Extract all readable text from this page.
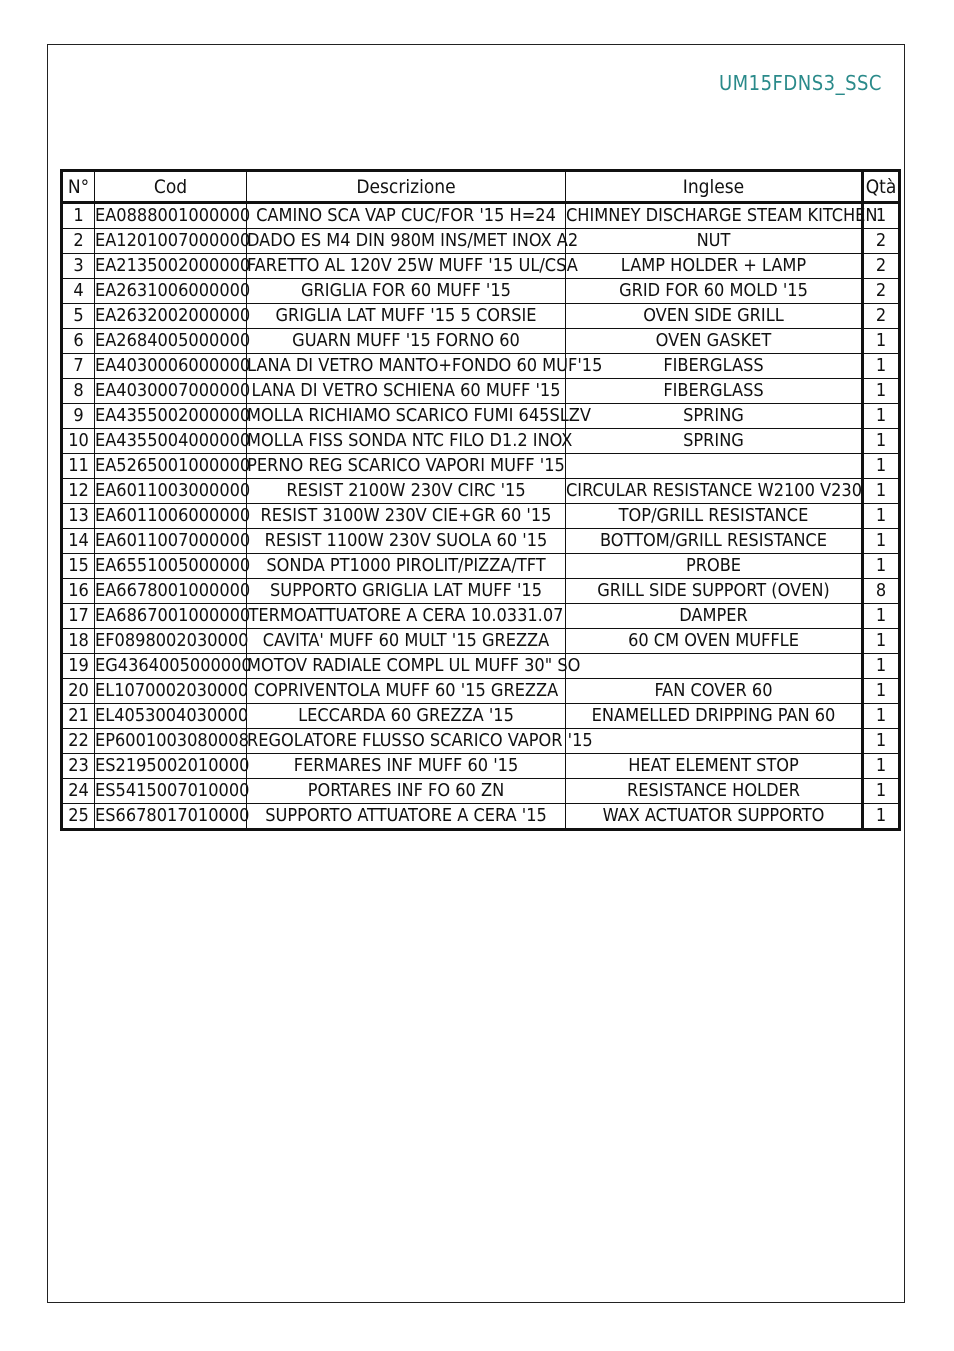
UM15FDNS3_SSC
N°	Cod	Descrizione	Inglese	Qtà
1	EA0888001000000	CAMINO SCA VAP CUC/FOR '15 H=24	CHIMNEY DISCHARGE STEAM KITCHEN	1
2	EA1201007000000	DADO ES M4 DIN 980M INS/MET INOX A2	NUT	2
3	EA2135002000000	FARETTO AL 120V 25W MUFF '15 UL/CSA	LAMP HOLDER + LAMP	2
4	EA2631006000000	GRIGLIA FOR 60 MUFF '15	GRID FOR 60 MOLD '15	2
5	EA2632002000000	GRIGLIA LAT MUFF '15 5 CORSIE	OVEN SIDE GRILL	2
6	EA2684005000000	GUARN MUFF '15 FORNO 60	OVEN GASKET	1
7	EA4030006000000	LANA DI VETRO MANTO+FONDO 60 MUF'15	FIBERGLASS	1
8	EA4030007000000	LANA DI VETRO SCHIENA 60 MUFF '15	FIBERGLASS	1
9	EA4355002000000	MOLLA RICHIAMO SCARICO FUMI 645SLZV	SPRING	1
10	EA4355004000000	MOLLA FISS SONDA NTC FILO D1.2 INOX	SPRING	1
11	EA5265001000000	PERNO REG SCARICO VAPORI MUFF '15		1
12	EA6011003000000	RESIST 2100W 230V CIRC '15	CIRCULAR RESISTANCE W2100 V230	1
13	EA6011006000000	RESIST 3100W 230V CIE+GR 60 '15	TOP/GRILL RESISTANCE	1
14	EA6011007000000	RESIST 1100W 230V SUOLA 60 '15	BOTTOM/GRILL RESISTANCE	1
15	EA6551005000000	SONDA PT1000 PIROLIT/PIZZA/TFT	PROBE	1
16	EA6678001000000	SUPPORTO GRIGLIA LAT MUFF '15	GRILL SIDE SUPPORT (OVEN)	8
17	EA6867001000000	TERMOATTUATORE A CERA 10.0331.07	DAMPER	1
18	EF0898002030000	CAVITA' MUFF 60 MULT '15 GREZZA	60 CM OVEN MUFFLE	1
19	EG4364005000000	MOTOV RADIALE COMPL UL MUFF 30" SO		1
20	EL1070002030000	COPRIVENTOLA MUFF 60 '15 GREZZA	FAN COVER 60	1
21	EL4053004030000	LECCARDA 60 GREZZA '15	ENAMELLED DRIPPING PAN 60	1
22	EP6001003080008	REGOLATORE FLUSSO SCARICO VAPOR '15		1
23	ES2195002010000	FERMARES INF MUFF 60 '15	HEAT ELEMENT STOP	1
24	ES5415007010000	PORTARES INF FO 60 ZN	RESISTANCE HOLDER	1
25	ES6678017010000	SUPPORTO ATTUATORE A CERA '15	WAX ACTUATOR SUPPORTO	1
